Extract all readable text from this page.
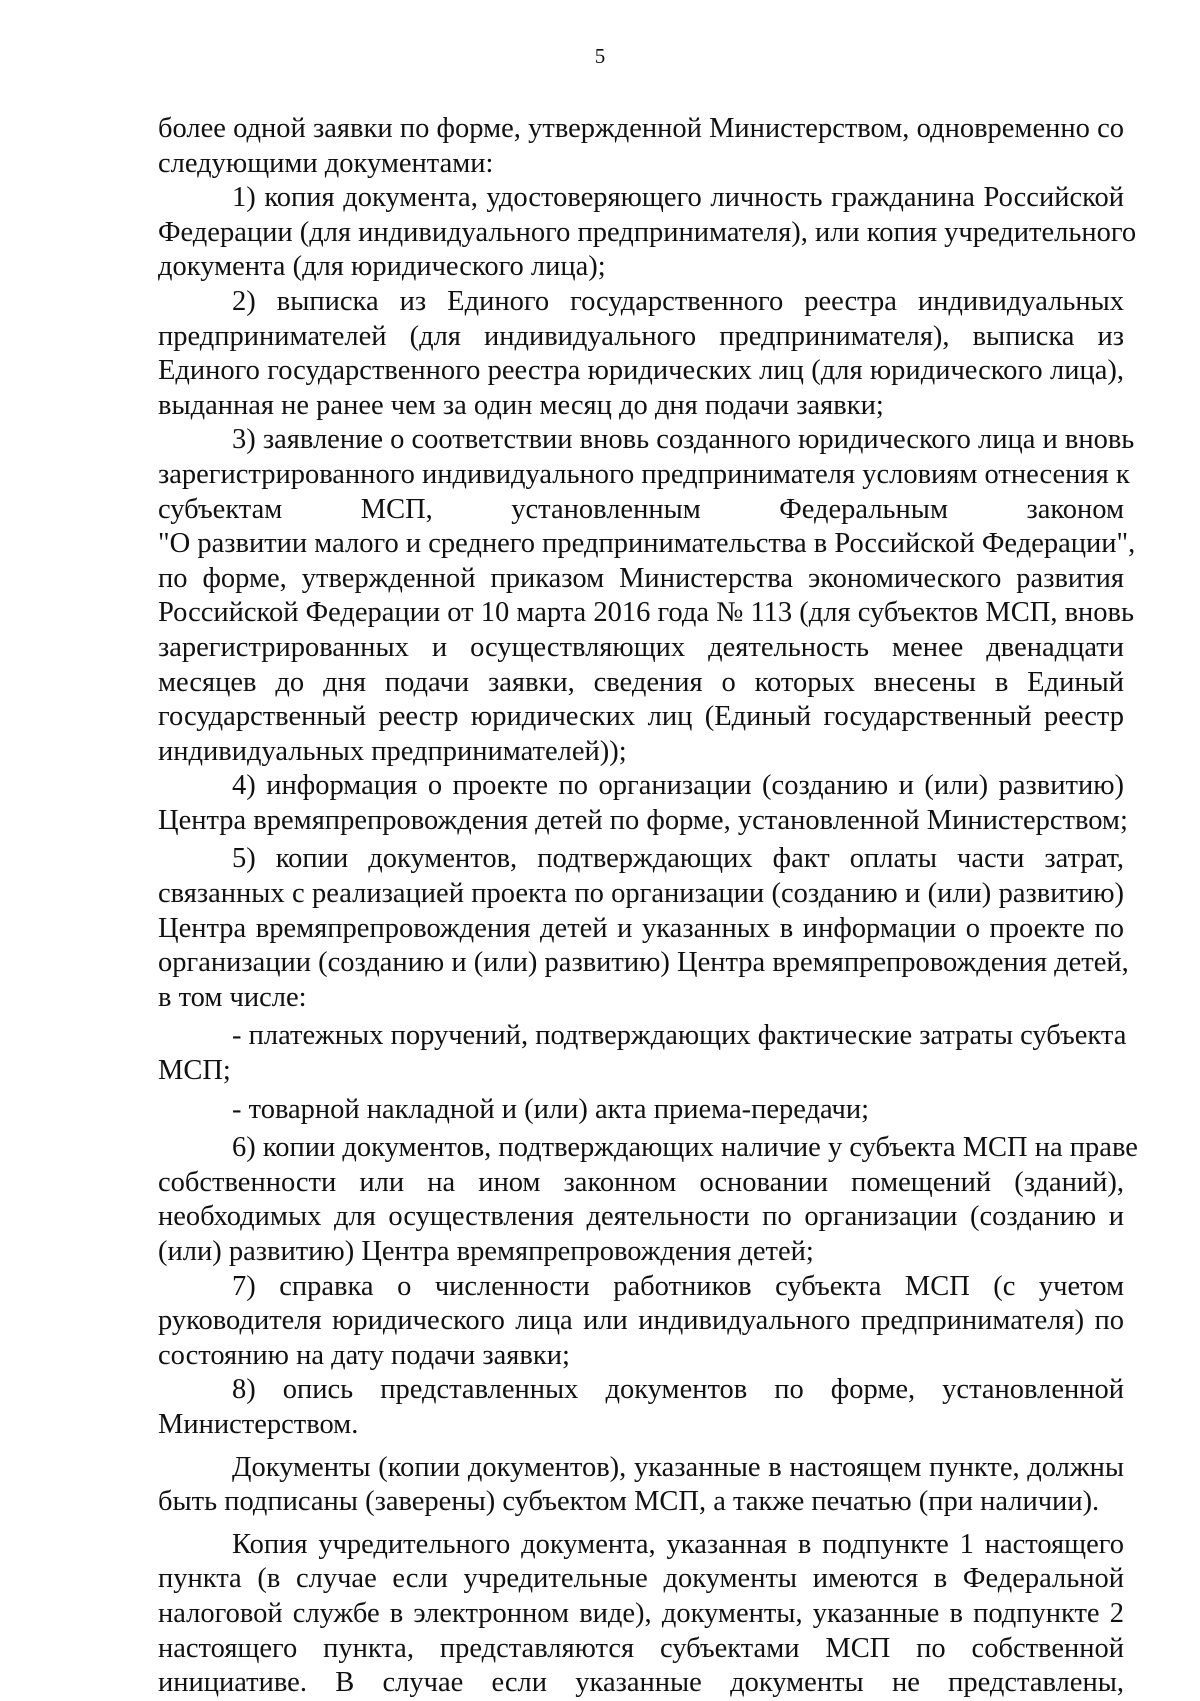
5
более одной заявки по форме, утвержденной Министерством, одновременно со
следующими документами:
1) копия документа, удостоверяющего личность гражданина Российской
Федерации (для индивидуального предпринимателя), или копия учредительного
документа (для юридического лица);
2) выписка из Единого государственного реестра индивидуальных
предпринимателей (для индивидуального предпринимателя), выписка из
Единого государственного реестра юридических лиц (для юридического лица),
выданная не ранее чем за один месяц до дня подачи заявки;
3) заявление о соответствии вновь созданного юридического лица и вновь
зарегистрированного индивидуального предпринимателя условиям отнесения к
субъектам МСП, установленным Федеральным законом
"О развитии малого и среднего предпринимательства в Российской Федерации",
по форме, утвержденной приказом Министерства экономического развития
Российской Федерации от 10 марта 2016 года № 113 (для субъектов МСП, вновь
зарегистрированных и осуществляющих деятельность менее двенадцати
месяцев до дня подачи заявки, сведения о которых внесены в Единый
государственный реестр юридических лиц (Единый государственный реестр
индивидуальных предпринимателей));
4) информация о проекте по организации (созданию и (или) развитию)
Центра времяпрепровождения детей по форме, установленной Министерством;
5) копии документов, подтверждающих факт оплаты части затрат,
связанных с реализацией проекта по организации (созданию и (или) развитию)
Центра времяпрепровождения детей и указанных в информации о проекте по
организации (созданию и (или) развитию) Центра времяпрепровождения детей,
в том числе:
- платежных поручений, подтверждающих фактические затраты субъекта
МСП;
- товарной накладной и (или) акта приема-передачи;
6) копии документов, подтверждающих наличие у субъекта МСП на праве
собственности или на ином законном основании помещений (зданий),
необходимых для осуществления деятельности по организации (созданию и
(или) развитию) Центра времяпрепровождения детей;
7) справка о численности работников субъекта МСП (с учетом
руководителя юридического лица или индивидуального предпринимателя) по
состоянию на дату подачи заявки;
8) опись представленных документов по форме, установленной
Министерством.
Документы (копии документов), указанные в настоящем пункте, должны
быть подписаны (заверены) субъектом МСП, а также печатью (при наличии).
Копия учредительного документа, указанная в подпункте 1 настоящего
пункта (в случае если учредительные документы имеются в Федеральной
налоговой службе в электронном виде), документы, указанные в подпункте 2
настоящего пункта, представляются субъектами МСП по собственной
инициативе. В случае если указанные документы не представлены,
